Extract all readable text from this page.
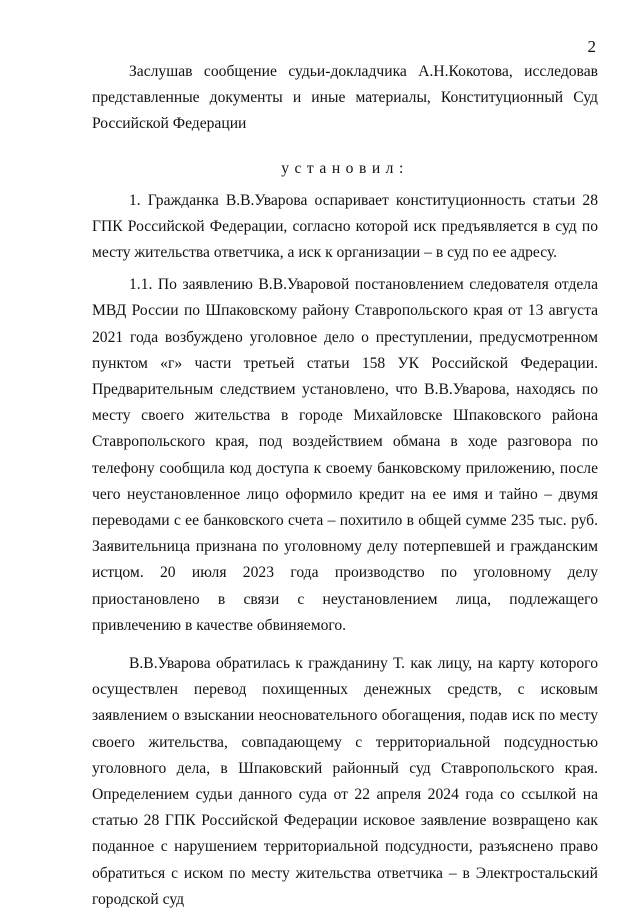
2

Заслушав сообщение судьи-докладчика А.Н.Кокотова, исследовав представленные документы и иные материалы, Конституционный Суд Российской Федерации

установил:

1. Гражданка В.В.Уварова оспаривает конституционность статьи 28 ГПК Российской Федерации, согласно которой иск предъявляется в суд по месту жительства ответчика, а иск к организации – в суд по ее адресу.

1.1. По заявлению В.В.Уваровой постановлением следователя отдела МВД России по Шпаковскому району Ставропольского края от 13 августа 2021 года возбуждено уголовное дело о преступлении, предусмотренном пунктом «г» части третьей статьи 158 УК Российской Федерации. Предварительным следствием установлено, что В.В.Уварова, находясь по месту своего жительства в городе Михайловске Шпаковского района Ставропольского края, под воздействием обмана в ходе разговора по телефону сообщила код доступа к своему банковскому приложению, после чего неустановленное лицо оформило кредит на ее имя и тайно – двумя переводами с ее банковского счета – похитило в общей сумме 235 тыс. руб. Заявительница признана по уголовному делу потерпевшей и гражданским истцом. 20 июля 2023 года производство по уголовному делу приостановлено в связи с неустановлением лица, подлежащего привлечению в качестве обвиняемого.

В.В.Уварова обратилась к гражданину Т. как лицу, на карту которого осуществлен перевод похищенных денежных средств, с исковым заявлением о взыскании неосновательного обогащения, подав иск по месту своего жительства, совпадающему с территориальной подсудностью уголовного дела, в Шпаковский районный суд Ставропольского края. Определением судьи данного суда от 22 апреля 2024 года со ссылкой на статью 28 ГПК Российской Федерации исковое заявление возвращено как поданное с нарушением территориальной подсудности, разъяснено право обратиться с иском по месту жительства ответчика – в Электростальский городской суд
